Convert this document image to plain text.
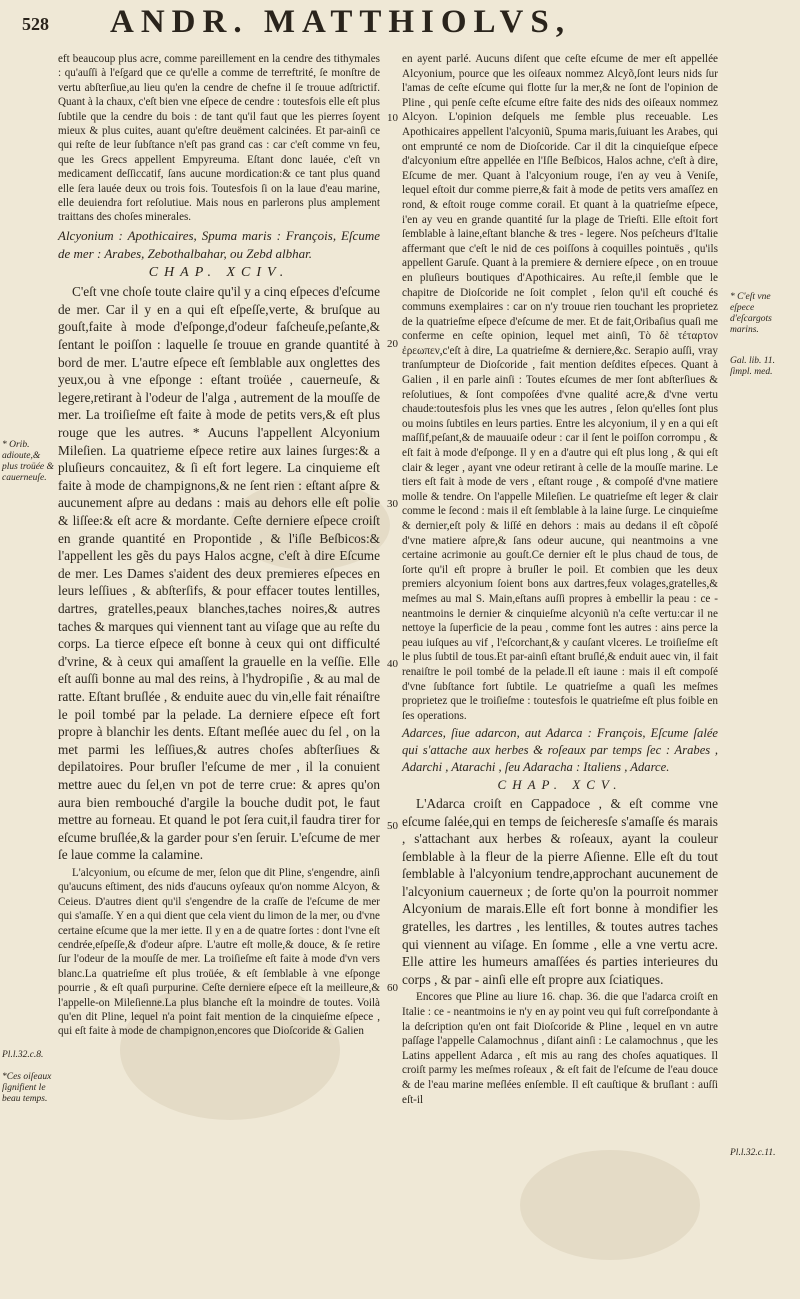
528 ANDR. MATTHIOLVS,

eft beaucoup plus acre, comme pareillement en la cendre des tithymales : qu'auſſi à l'eſgard que ce qu'elle a comme de terreftrité, ſe monſtre de vertu abſterſiue,au lieu qu'en la cendre de chefne il ſe trouue adſtrictif. Quant à la chaux, c'eſt bien vne eſpece de cendre : toutesfois elle eſt plus ſubtile que la cendre du bois : de tant qu'il faut que les pierres ſoyent mieux & plus cuites, auant qu'eſtre deuëment calcinées. Et par-ainſi ce qui reſte de leur ſubſtance n'eſt pas grand cas : car c'eſt comme vn feu, que les Grecs appellent Empyreuma. Eſtant donc lauée, c'eſt vn medicament deſſiccatif, ſans aucune mordication:& ce tant plus quand elle ſera lauée deux ou trois fois. Toutesfois ſi on la laue d'eau marine, elle deuiendra fort reſolutiue. Mais nous en parlerons plus amplement traittans des choſes minerales.

Alcyonium : Apothicaires, Spuma maris : François, Eſcume de mer : Arabes, Zebothalbahar, ou Zebd albhar.

CHAP. XCIV.

C'eſt vne choſe toute claire qu'il y a cinq eſpeces d'eſcume de mer. Car il y en a qui eſt eſpeſſe,verte, & bruſque au gouſt,faite à mode d'eſponge,d'odeur faſcheuſe,peſante,& ſentant le poiſſon : laquelle ſe trouue en grande quantité à bord de mer. L'autre eſpece eſt ſemblable aux onglettes des yeux,ou à vne eſponge : eſtant troüée , cauerneuſe, & legere,retirant à l'odeur de l'alga , autrement de la mouſſe de mer. La troiſieſme eſt faite à mode de petits vers,& eſt plus rouge que les autres. * Aucuns l'appellent Alcyonium Mileſien. La quatrieme eſpece retire aux laines ſurges:& a pluſieurs concauitez, & ſi eſt fort legere. La cinquieme eſt faite à mode de champignons,& ne ſent rien : eſtant aſpre & aucunement aſpre au dedans : mais au dehors elle eſt polie & liſſee:& eſt acre & mordante. Ceſte derniere eſpece croiſt en grande quantité en Propontide , & l'iſle Beſbicos:& l'appellent les gẽs du pays Halos acgne, c'eſt à dire Eſcume de mer. Les Dames s'aident des deux premieres eſpeces en leurs leſſiues , & abſterſifs, & pour effacer toutes lentilles, dartres, gratelles,peaux blanches,taches noires,& autres taches & marques qui viennent tant au viſage que au reſte du corps. La tierce eſpece eſt bonne à ceux qui ont difficulté d'vrine, & à ceux qui amaſſent la grauelle en la veſſie. Elle eſt auſſi bonne au mal des reins, à l'hydropiſie , & au mal de ratte. Eſtant bruſlée , & enduite auec du vin,elle fait rénaiſtre le poil tombé par la pelade. La derniere eſpece eſt fort propre à blanchir les dents. Eſtant meſlée auec du ſel , on la met parmi les leſſiues,& autres choſes abſterſiues & depilatoires. Pour bruſler l'eſcume de mer , il la conuient mettre auec du ſel,en vn pot de terre crue: & apres qu'on aura bien rembouché d'argile la bouche dudit pot, le faut mettre au forneau. Et quand le pot ſera cuit,il faudra tirer for eſcume bruſlée,& la garder pour s'en ſeruir. L'eſcume de mer ſe laue comme la calamine.

L'alcyonium, ou eſcume de mer, ſelon que dit Pline, s'engendre, ainſi qu'aucuns eſtiment, des nids d'aucuns oyſeaux qu'on nomme Alcyon, & Ceieus. D'autres dient qu'il s'engendre de la craſſe de l'eſcume de mer qui s'amaſſe. Y en a qui dient que cela vient du limon de la mer, ou d'vne certaine eſcume que la mer iette. Il y en a de quatre ſortes : dont l'vne eſt cendrée,eſpeſſe,& d'odeur aſpre. L'autre eſt molle,& douce, & ſe retire ſur l'odeur de la mouſſe de mer. La troiſieſme eſt faite à mode d'vn vers blanc.La quatrieſme eſt plus troüée, & eſt ſemblable à vne eſponge pourrie , & eſt quaſi purpurine. Ceſte derniere eſpece eſt la meilleure,& l'appelle-on Mileſienne.La plus blanche eſt la moindre de toutes. Voilà qu'en dit Pline, lequel n'a point fait mention de la cinquieſme eſpece , qui eſt faite à mode de champignon,encores que Dioſcoride & Galien

en ayent parlé. Aucuns diſent que ceſte eſcume de mer eſt appellée Alcyonium, pource que les oiſeaux nommez Alcyõ,ſont leurs nids ſur l'amas de ceſte eſcume qui flotte ſur la mer,& ne ſont de l'opinion de Pline , qui penſe ceſte eſcume eſtre faite des nids des oiſeaux nommez Alcyon. L'opinion deſquels me ſemble plus receuable. Les Apothicaires appellent l'alcyoniũ, Spuma maris,ſuiuant les Arabes, qui ont emprunté ce nom de Dioſcoride. Car il dit la cinquieſque eſpece d'alcyonium eſtre appellée en l'Iſle Beſbicos, Halos achne, c'eſt à dire, Eſcume de mer. Quant à l'alcyonium rouge, i'en ay veu à Veniſe, lequel eſtoit dur comme pierre,& fait à mode de petits vers amaſſez en rond, & eſtoit rouge comme corail. Et quant à la quatrieſme eſpece, i'en ay veu en grande quantité ſur la plage de Trieſti. Elle eſtoit fort ſemblable à laine,eſtant blanche & tres - legere. Nos peſcheurs d'Italie affermant que c'eſt le nid de ces poiſſons à coquilles pointuës , qu'ils appellent Garuſe. Quant à la premiere & derniere eſpece , on en trouue en pluſieurs boutiques d'Apothicaires. Au reſte,il ſemble que le chapitre de Dioſcoride ne ſoit complet , ſelon qu'il eſt couché és communs exemplaires : car on n'y trouue rien touchant les proprietez de la quatrieſme eſpece d'eſcume de mer. Et de fait,Oribaſius quaſi me conferme en ceſte opinion, lequel met ainſi, Τὸ δὲ τέταρτον ἐρεωπεν,c'eſt à dire, La quatrieſme & derniere,&c. Serapio auſſi, vray tranſumpteur de Dioſcoride , fait mention deſdites eſpeces. Quant à Galien , il en parle ainſi : Toutes eſcumes de mer ſont abſterſiues & reſolutiues, & ſont compoſées d'vne qualité acre,& d'vne vertu chaude:toutesfois plus les vnes que les autres , ſelon qu'elles ſont plus ou moins ſubtiles en leurs parties. Entre les alcyonium, il y en a qui eſt maſſif,peſant,& de mauuaiſe odeur : car il ſent le poiſſon corrompu , & eſt fait à mode d'eſponge. Il y en a d'autre qui eſt plus long , & qui eſt clair & leger , ayant vne odeur retirant à celle de la mouſſe marine. Le tiers eſt fait à mode de vers , eſtant rouge , & compoſé d'vne matiere molle & tendre. On l'appelle Mileſien. Le quatrieſme eſt leger & clair comme le ſecond : mais il eſt ſemblable à la laine ſurge. Le cinquieſme & dernier,eſt poly & liſſé en dehors : mais au dedans il eſt cõpoſé d'vne matiere aſpre,& ſans odeur aucune, qui neantmoins a vne certaine acrimonie au gouſt.Ce dernier eſt le plus chaud de tous, de ſorte qu'il eſt propre à bruſler le poil. Et combien que les deux premiers alcyonium ſoient bons aux dartres,feux volages,gratelles,& meſmes au mal S. Main,eſtans auſſi propres à embellir la peau : ce - neantmoins le dernier & cinquieſme alcyoniũ n'a ceſte vertu:car il ne nettoye la ſuperficie de la peau , comme font les autres : ains perce la peau iuſques au vif , l'eſcorchant,& y cauſant vlceres. Le troiſieſme eſt le plus ſubtil de tous.Et par-ainſi eſtant bruſlé,& enduit auec vin, il fait renaiſtre le poil tombé de la pelade.Il eſt iaune : mais il eſt compoſé d'vne ſubſtance fort ſubtile. Le quatrieſme a quaſi les meſmes proprietez que le troiſieſme : toutesfois le quatrieſme eſt plus foible en ſes operations.

Adarces, ſiue adarcon, aut Adarca : François, Eſcume ſalée qui s'attache aux herbes & roſeaux par temps ſec : Arabes , Adarchi , Atarachi , ſeu Adaracha : Italiens , Adarce.

CHAP. XCV.

L'Adarca croiſt en Cappadoce , & eſt comme vne eſcume ſalée,qui en temps de ſeicheresſe s'amaſſe és marais , s'attachant aux herbes & roſeaux, ayant la couleur ſemblable à la fleur de la pierre Aſienne. Elle eſt du tout ſemblable à l'alcyonium tendre,approchant aucunement de l'alcyonium cauerneux ; de ſorte qu'on la pourroit nommer Alcyonium de marais.Elle eſt fort bonne à mondifier les gratelles, les dartres , les lentilles, & toutes autres taches qui viennent au viſage. En ſomme , elle a vne vertu acre. Elle attire les humeurs amaſſées és parties interieures du corps , & par - ainſi elle eſt propre aux ſciatiques.

Encores que Pline au liure 16. chap. 36. die que l'adarca croiſt en Italie : ce - neantmoins ie n'y en ay point veu qui fuſt correſpondante à la deſcription qu'en ont fait Dioſcoride & Pline , lequel en vn autre paſſage l'appelle Calamochnus , diſant ainſi : Le calamochnus , que les Latins appellent Adarca , eſt mis au rang des choſes aquatiques. Il croiſt parmy les meſmes roſeaux , & eſt fait de l'eſcume de l'eau douce & de l'eau marine meſlées enſemble. Il eſt cauſtique & bruſlant : auſſi eſt-il

10
20
30
40
50
60
* Orib. adioute,& plus troüée & cauerneuſe.
Pl.l.32.c.8.
*Ces oiſeaux ſignifient le beau temps.
* C'eſt vne eſpece d'eſcargots marins.
Gal. lib. 11. ſimpl. med.
Pl.l.32.c.11.
